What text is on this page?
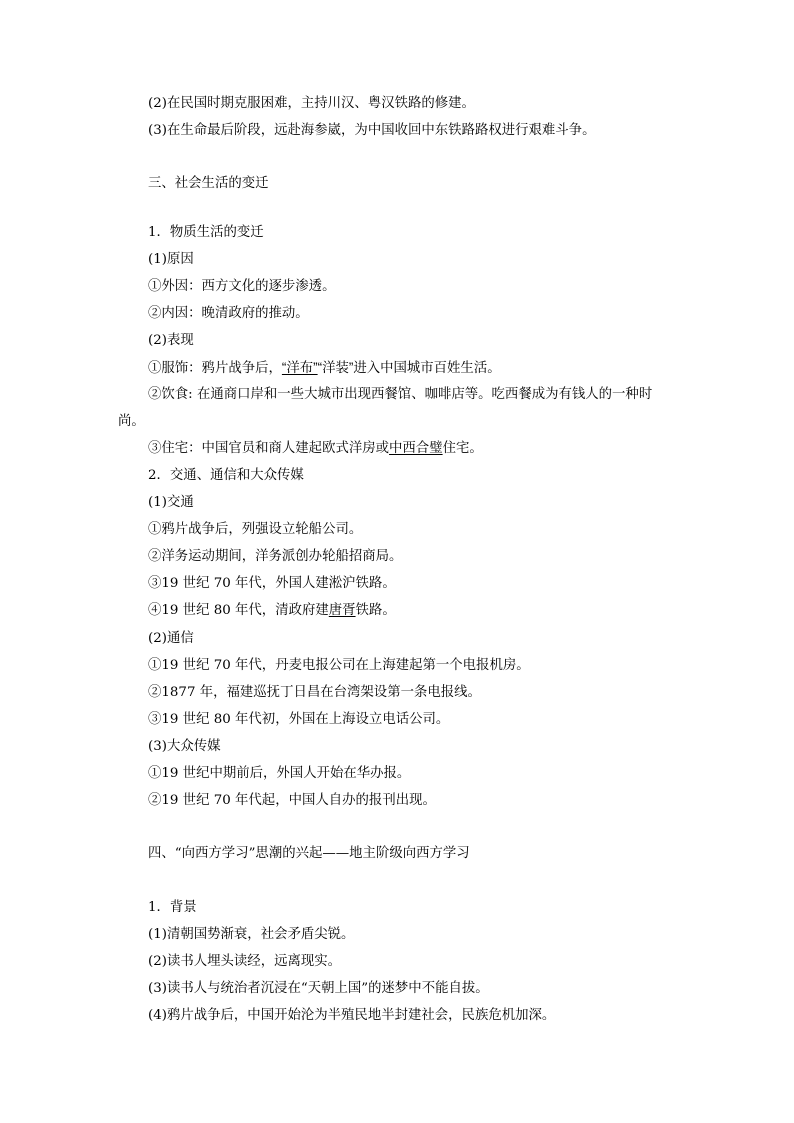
(2)在民国时期克服困难，主持川汉、粤汉铁路的修建。
(3)在生命最后阶段，远赴海参崴，为中国收回中东铁路路权进行艰难斗争。
三、社会生活的变迁
1．物质生活的变迁
(1)原因
①外因：西方文化的逐步渗透。
②内因：晚清政府的推动。
(2)表现
①服饰：鸦片战争后，“洋布”“洋装”进入中国城市百姓生活。
②饮食: 在通商口岸和一些大城市出现西餐馆、咖啡店等。吃西餐成为有钱人的一种时
尚。
③住宅：中国官员和商人建起欧式洋房或中西合璧住宅。
2．交通、通信和大众传媒
(1)交通
①鸦片战争后，列强设立轮船公司。
②洋务运动期间，洋务派创办轮船招商局。
③19 世纪 70 年代，外国人建淞沪铁路。
④19 世纪 80 年代，清政府建唐胥铁路。
(2)通信
①19 世纪 70 年代，丹麦电报公司在上海建起第一个电报机房。
②1877 年，福建巡抚丁日昌在台湾架设第一条电报线。
③19 世纪 80 年代初，外国在上海设立电话公司。
(3)大众传媒
①19 世纪中期前后，外国人开始在华办报。
②19 世纪 70 年代起，中国人自办的报刊出现。
四、“向西方学习”思潮的兴起——地主阶级向西方学习
1．背景
(1)清朝国势渐衰，社会矛盾尖锐。
(2)读书人埋头读经，远离现实。
(3)读书人与统治者沉浸在“天朝上国”的迷梦中不能自拔。
(4)鸦片战争后，中国开始沦为半殖民地半封建社会，民族危机加深。
